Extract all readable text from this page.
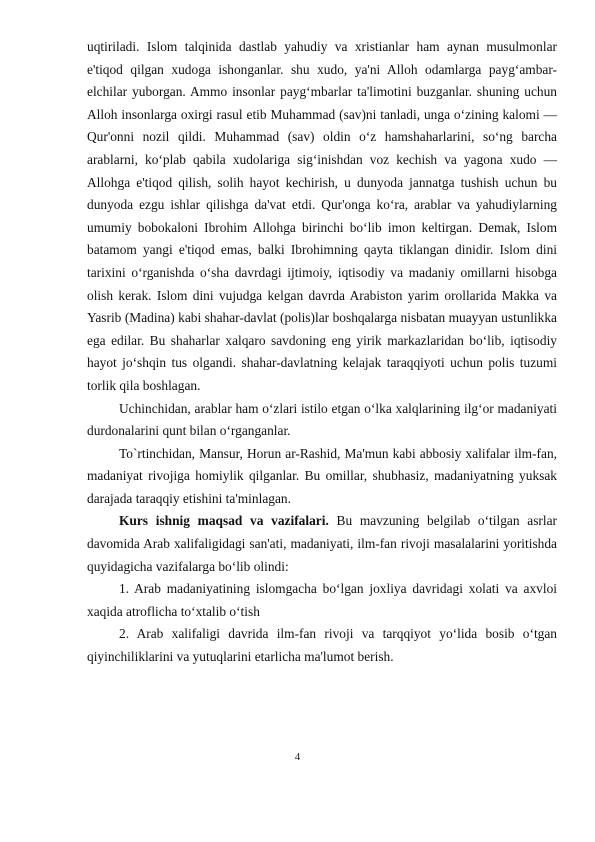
uqtiriladi. Islom talqinida dastlab yahudiy va xristianlar ham aynan musulmonlar e'tiqod qilgan xudoga ishonganlar. shu xudo, ya'ni Alloh odamlarga payg‘ambar-elchilar yuborgan. Ammo insonlar payg‘mbarlar ta'limotini buzganlar. shuning uchun Alloh insonlarga oxirgi rasul etib Muhammad (sav)ni tanladi, unga o‘zining kalomi — Qur'onni nozil qildi. Muhammad (sav) oldin o‘z hamshaharlarini, so‘ng barcha arablarni, ko‘plab qabila xudolariga sig‘inishdan voz kechish va yagona xudo — Allohga e'tiqod qilish, solih hayot kechirish, u dunyoda jannatga tushish uchun bu dunyoda ezgu ishlar qilishga da'vat etdi. Qur'onga ko‘ra, arablar va yahudiylarning umumiy bobokaloni Ibrohim Allohga birinchi bo‘lib imon keltirgan. Demak, Islom batamom yangi e'tiqod emas, balki Ibrohimning qayta tiklangan dinidir. Islom dini tarixini o‘rganishda o‘sha davrdagi ijtimoiy, iqtisodiy va madaniy omillarni hisobga olish kerak. Islom dini vujudga kelgan davrda Arabiston yarim orollarida Makka va Yasrib (Madina) kabi shahar-davlat (polis)lar boshqalarga nisbatan muayyan ustunlikka ega edilar. Bu shaharlar xalqaro savdoning eng yirik markazlaridan bo‘lib, iqtisodiy hayot jo‘shqin tus olgandi. shahar-davlatning kelajak taraqqiyoti uchun polis tuzumi torlik qila boshlagan.

Uchinchidan, arablar ham o‘zlari istilo etgan o‘lka xalqlarining ilg‘or madaniyati durdonalarini qunt bilan o‘rganganlar.

To`rtinchidan, Mansur, Horun ar-Rashid, Ma'mun kabi abbosiy xalifalar ilm-fan, madaniyat rivojiga homiylik qilganlar. Bu omillar, shubhasiz, madaniyatning yuksak darajada taraqqiy etishini ta'minlagan.

Kurs ishnig maqsad va vazifalari. Bu mavzuning belgilab o‘tilgan asrlar davomida Arab xalifaligidagi san'ati, madaniyati, ilm-fan rivoji masalalarini yoritishda quyidagicha vazifalarga bo‘lib olindi:

1. Arab madaniyatining islomgacha bo‘lgan joxliya davridagi xolati va axvloi xaqida atroflicha to‘xtalib o‘tish

2. Arab xalifaligi davrida ilm-fan rivoji va tarqqiyot yo‘lida bosib o‘tgan qiyinchiliklarini va yutuqlarini etarlicha ma'lumot berish.

4
